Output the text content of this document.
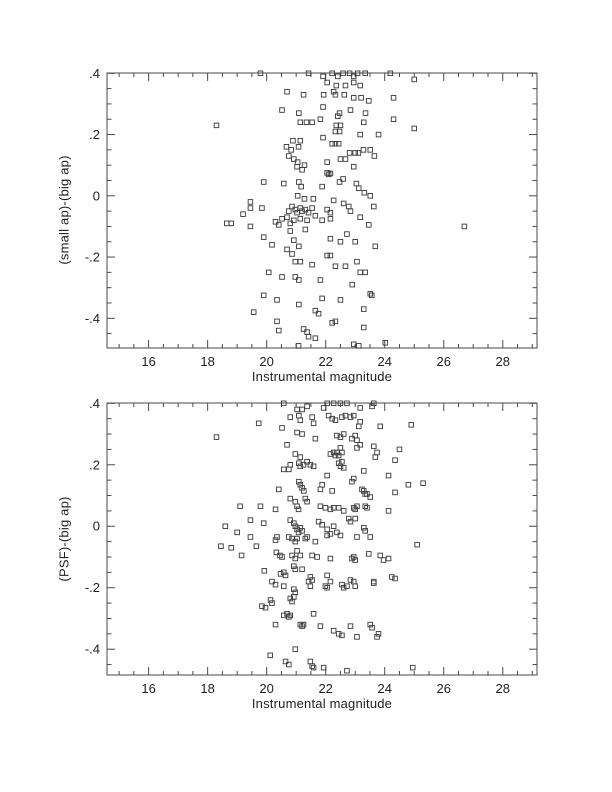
16	18	20	22	24	26	28
.4
.2
0
-.2
-.4
16	18	20	22	24	26	28
.4
.2
0
-.2
-.4
(small ap)-(big ap)
Instrumental magnitude
(PSF)-(big ap)
Instrumental magnitude
